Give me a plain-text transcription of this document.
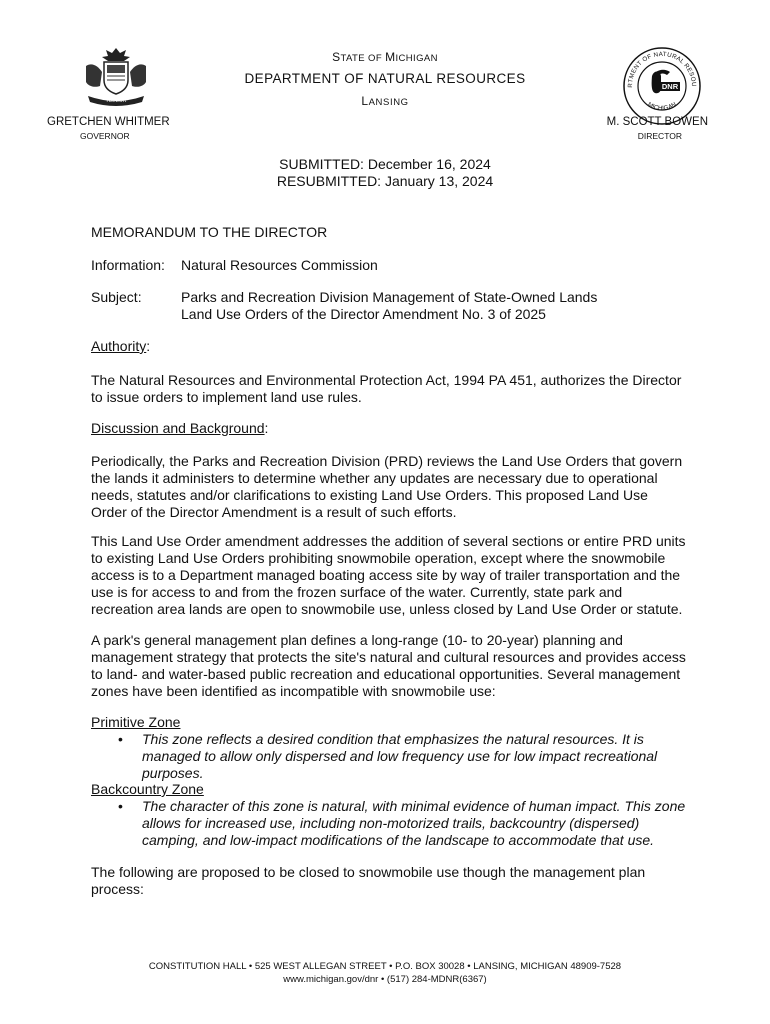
TUEBOR
RTMENT OF NATURAL RESOU
MICHIGAN
DNR
STATE OF MICHIGAN
DEPARTMENT OF NATURAL RESOURCES
LANSING
GRETCHEN WHITMER
GOVERNOR
M. SCOTT BOWEN
DIRECTOR
SUBMITTED: December 16, 2024
RESUBMITTED: January 13, 2024
MEMORANDUM TO THE DIRECTOR
Information: Natural Resources Commission
Subject:	Parks and Recreation Division Management of State-Owned Lands
Land Use Orders of the Director Amendment No. 3 of 2025
Authority:
The Natural Resources and Environmental Protection Act, 1994 PA 451, authorizes the Director
to issue orders to implement land use rules.
Discussion and Background:
Periodically, the Parks and Recreation Division (PRD) reviews the Land Use Orders that govern
the lands it administers to determine whether any updates are necessary due to operational
needs, statutes and/or clarifications to existing Land Use Orders. This proposed Land Use
Order of the Director Amendment is a result of such efforts.
This Land Use Order amendment addresses the addition of several sections or entire PRD units
to existing Land Use Orders prohibiting snowmobile operation, except where the snowmobile
access is to a Department managed boating access site by way of trailer transportation and the
use is for access to and from the frozen surface of the water. Currently, state park and
recreation area lands are open to snowmobile use, unless closed by Land Use Order or statute.
A park's general management plan defines a long-range (10- to 20-year) planning and
management strategy that protects the site's natural and cultural resources and provides access
to land- and water-based public recreation and educational opportunities. Several management
zones have been identified as incompatible with snowmobile use:
Primitive Zone
• This zone reflects a desired condition that emphasizes the natural resources. It is
managed to allow only dispersed and low frequency use for low impact recreational
purposes.
Backcountry Zone
• The character of this zone is natural, with minimal evidence of human impact. This zone
allows for increased use, including non-motorized trails, backcountry (dispersed)
camping, and low-impact modifications of the landscape to accommodate that use.
The following are proposed to be closed to snowmobile use though the management plan
process:
CONSTITUTION HALL • 525 WEST ALLEGAN STREET • P.O. BOX 30028 • LANSING, MICHIGAN 48909-7528
www.michigan.gov/dnr • (517) 284-MDNR(6367)
